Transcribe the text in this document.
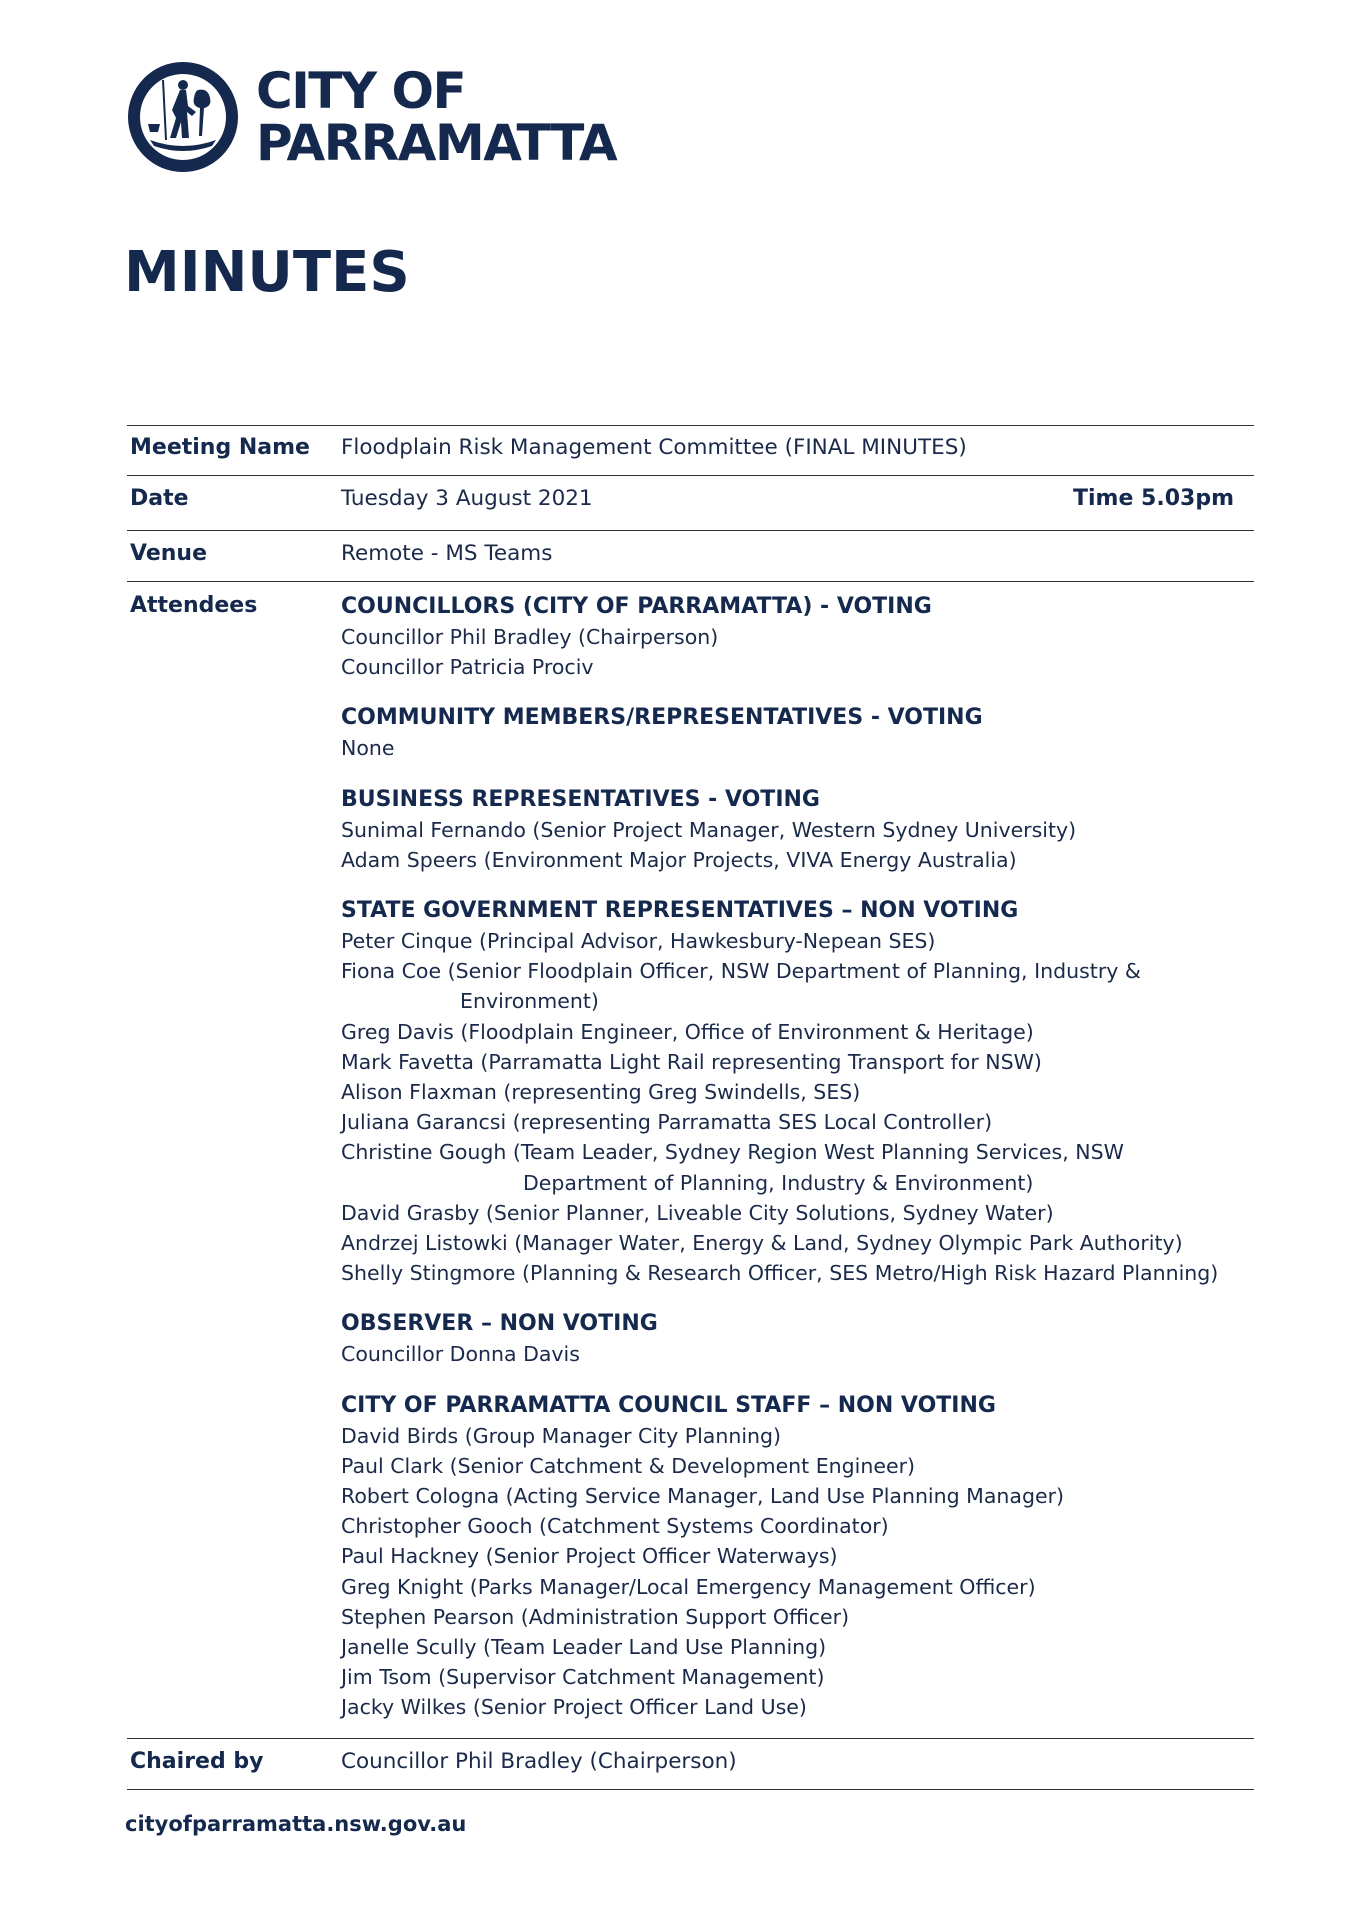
CITY OF
PARRAMATTA
MINUTES
Meeting Name Floodplain Risk Management Committee (FINAL MINUTES)
Date	Tuesday 3 August 2021	Time 5.03pm
Venue	Remote - MS Teams
Attendees	COUNCILLORS (CITY OF PARRAMATTA) - VOTING
Councillor Phil Bradley (Chairperson)
Councillor Patricia Prociv
COMMUNITY MEMBERS/REPRESENTATIVES - VOTING
None
BUSINESS REPRESENTATIVES - VOTING
Sunimal Fernando (Senior Project Manager, Western Sydney University)
Adam Speers (Environment Major Projects, VIVA Energy Australia)
STATE GOVERNMENT REPRESENTATIVES – NON VOTING
Peter Cinque (Principal Advisor, Hawkesbury-Nepean SES)
Fiona Coe (Senior Floodplain Officer, NSW Department of Planning, Industry &
Environment)
Greg Davis (Floodplain Engineer, Office of Environment & Heritage)
Mark Favetta (Parramatta Light Rail representing Transport for NSW)
Alison Flaxman (representing Greg Swindells, SES)
Juliana Garancsi (representing Parramatta SES Local Controller)
Christine Gough (Team Leader, Sydney Region West Planning Services, NSW
Department of Planning, Industry & Environment)
David Grasby (Senior Planner, Liveable City Solutions, Sydney Water)
Andrzej Listowki (Manager Water, Energy & Land, Sydney Olympic Park Authority)
Shelly Stingmore (Planning & Research Officer, SES Metro/High Risk Hazard Planning)
OBSERVER – NON VOTING
Councillor Donna Davis
CITY OF PARRAMATTA COUNCIL STAFF – NON VOTING
David Birds (Group Manager City Planning)
Paul Clark (Senior Catchment & Development Engineer)
Robert Cologna (Acting Service Manager, Land Use Planning Manager)
Christopher Gooch (Catchment Systems Coordinator)
Paul Hackney (Senior Project Officer Waterways)
Greg Knight (Parks Manager/Local Emergency Management Officer)
Stephen Pearson (Administration Support Officer)
Janelle Scully (Team Leader Land Use Planning)
Jim Tsom (Supervisor Catchment Management)
Jacky Wilkes (Senior Project Officer Land Use)
Chaired by	Councillor Phil Bradley (Chairperson)
cityofparramatta.nsw.gov.au
